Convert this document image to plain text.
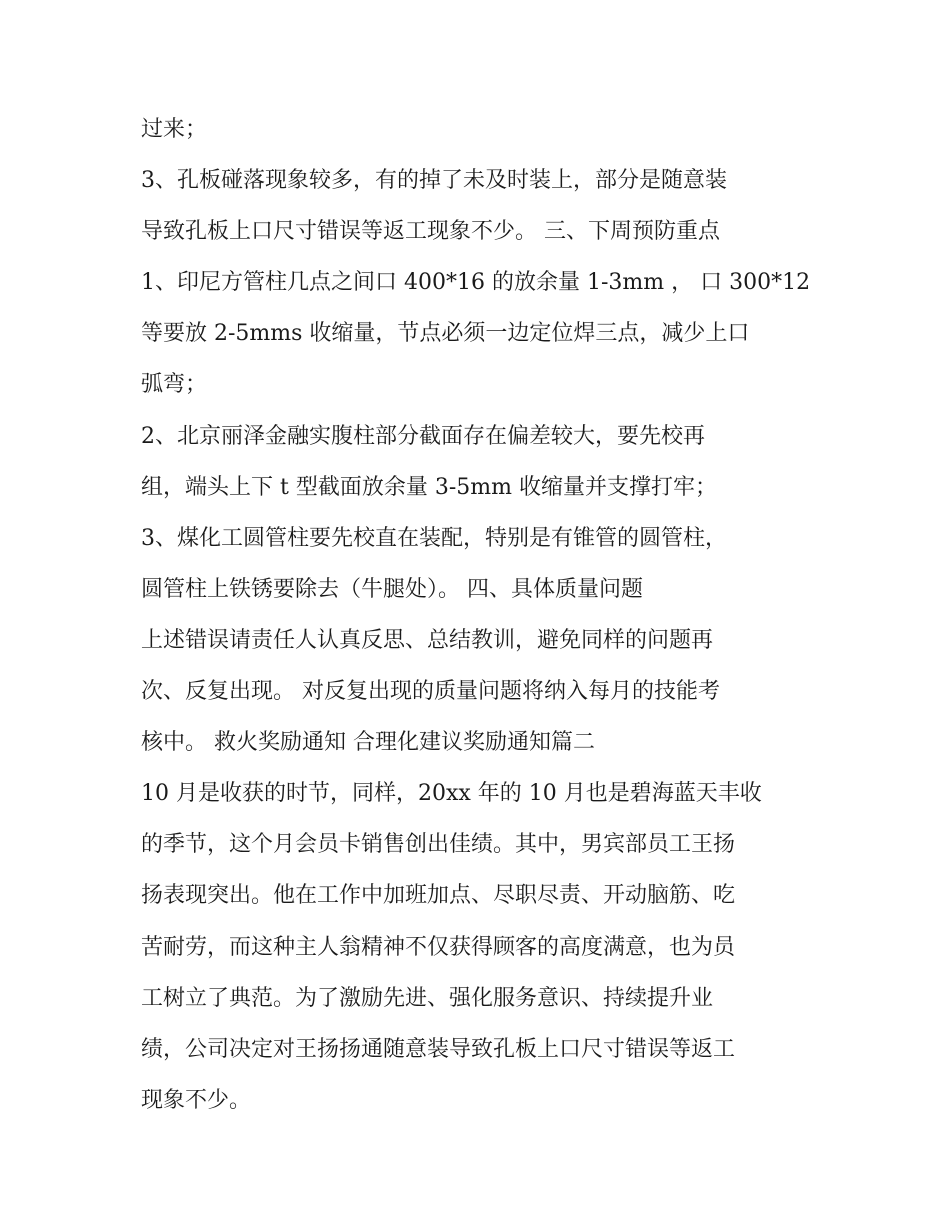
过来；

3、孔板碰落现象较多，有的掉了未及时装上，部分是随意装

导致孔板上口尺寸错误等返工现象不少。 三、下周预防重点

1、印尼方管柱几点之间口 400*16 的放余量 1-3mm ， 口 300*12

等要放 2-5mms 收缩量，节点必须一边定位焊三点，减少上口

弧弯；

2、北京丽泽金融实腹柱部分截面存在偏差较大，要先校再

组，端头上下 t 型截面放余量 3-5mm 收缩量并支撑打牢；

3、煤化工圆管柱要先校直在装配，特别是有锥管的圆管柱，

圆管柱上铁锈要除去（牛腿处）。 四、具体质量问题

上述错误请责任人认真反思、总结教训，避免同样的问题再

次、反复出现。 对反复出现的质量问题将纳入每月的技能考

核中。 救火奖励通知 合理化建议奖励通知篇二

10 月是收获的时节，同样，20xx 年的 10 月也是碧海蓝天丰收

的季节，这个月会员卡销售创出佳绩。其中，男宾部员工王扬

扬表现突出。他在工作中加班加点、尽职尽责、开动脑筋、吃

苦耐劳，而这种主人翁精神不仅获得顾客的高度满意，也为员

工树立了典范。为了激励先进、强化服务意识、持续提升业

绩，公司决定对王扬扬通随意装导致孔板上口尺寸错误等返工

现象不少。
